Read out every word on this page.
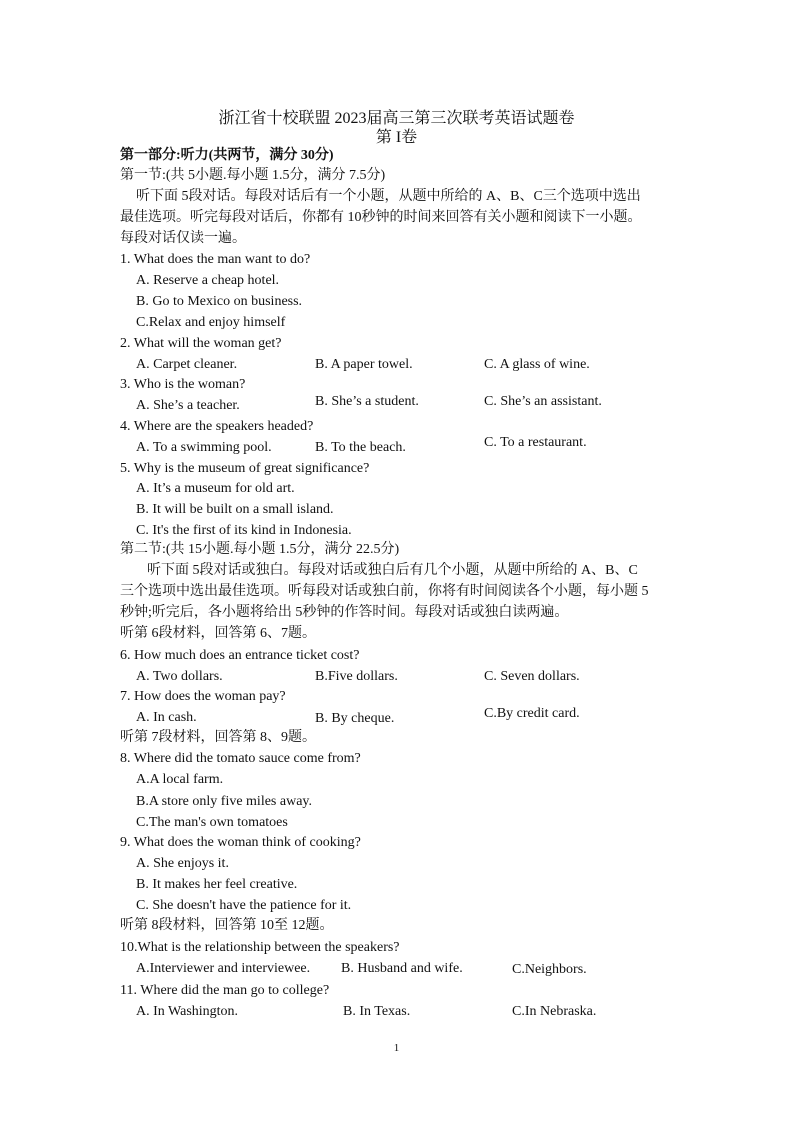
浙江省十校联盟 2023届高三第三次联考英语试题卷
第 I卷
第一部分:听力(共两节，满分 30分)
第一节:(共 5小题.每小题 1.5分，满分 7.5分)
听下面 5段对话。每段对话后有一个小题，从题中所给的 A、B、C三个选项中选出
最佳选项。听完每段对话后，你都有 10秒钟的时间来回答有关小题和阅读下一小题。
每段对话仅读一遍。
1. What does the man want to do?
A. Reserve a cheap hotel.
B. Go to Mexico on business.
C.Relax and enjoy himself
2. What will the woman get?
A. Carpet cleaner.	B. A paper towel.	C. A glass of wine.
3. Who is the woman?
A. She’s a teacher.	B. She’s a student.	C. She’s an assistant.
4. Where are the speakers headed?
A. To a swimming pool.	B. To the beach.	C. To a restaurant.
5. Why is the museum of great significance?
A. It’s a museum for old art.
B. It will be built on a small island.
C. It's the first of its kind in Indonesia.
第二节:(共 15小题.每小题 1.5分，满分 22.5分)
听下面 5段对话或独白。每段对话或独白后有几个小题，从题中所给的 A、B、C
三个选项中选出最佳选项。听每段对话或独白前，你将有时间阅读各个小题，每小题 5
秒钟;听完后，各小题将给出 5秒钟的作答时间。每段对话或独白读两遍。
听第 6段材料，回答第 6、7题。
6. How much does an entrance ticket cost?
A. Two dollars.	B.Five dollars.	C. Seven dollars.
7. How does the woman pay?
A. In cash.	B. By cheque.	C.By credit card.
听第 7段材料，回答第 8、9题。
8. Where did the tomato sauce come from?
A.A local farm.
B.A store only five miles away.
C.The man's own tomatoes
9. What does the woman think of cooking?
A. She enjoys it.
B. It makes her feel creative.
C. She doesn't have the patience for it.
听第 8段材料，回答第 10至 12题。
10.What is the relationship between the speakers?
A.Interviewer and interviewee. B. Husband and wife.	C.Neighbors.
11. Where did the man go to college?
A. In Washington.	B. In Texas.	C.In Nebraska.
1
